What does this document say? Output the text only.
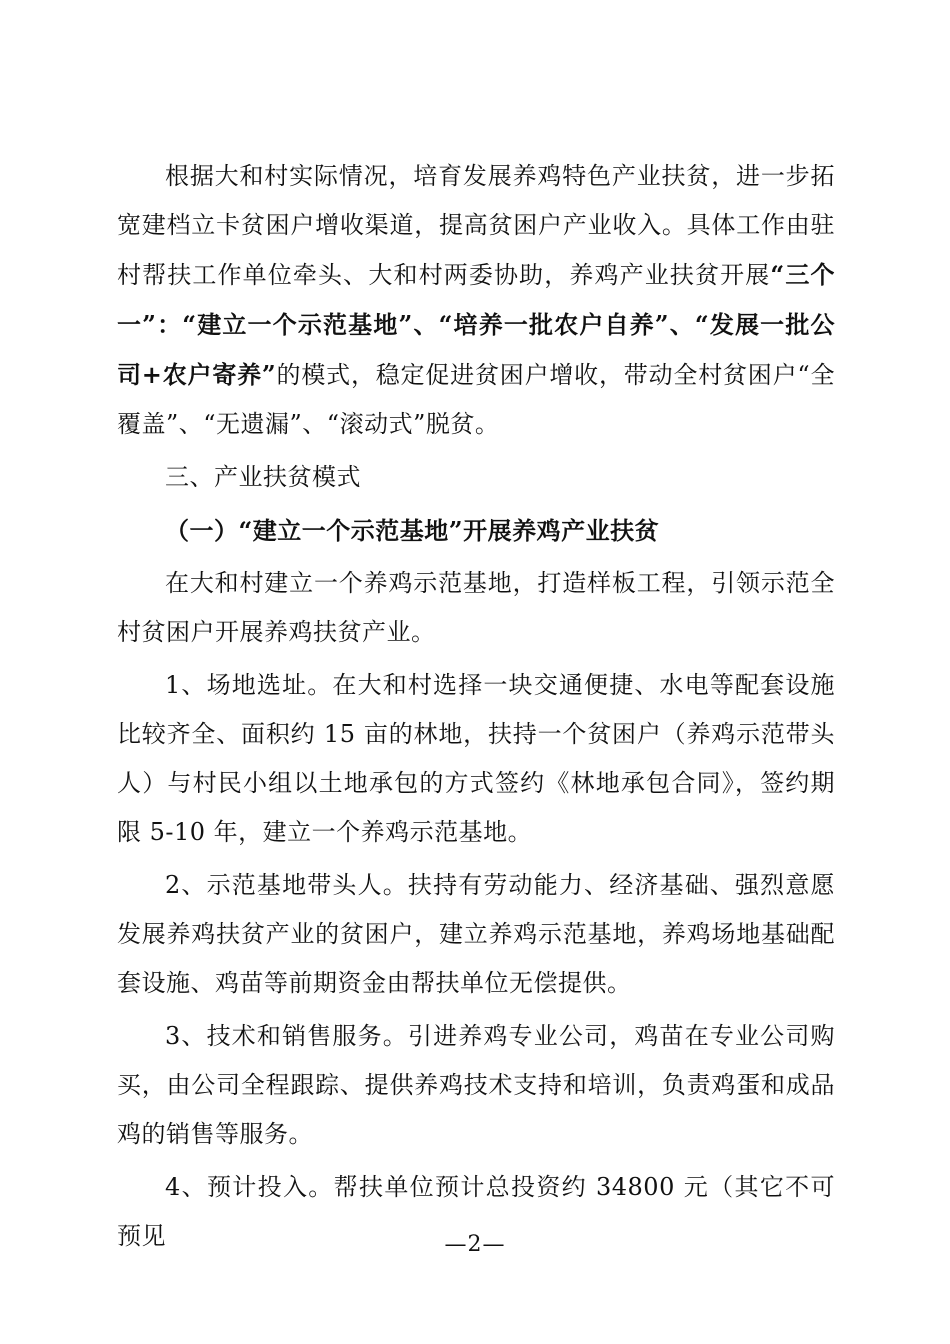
根据大和村实际情况，培育发展养鸡特色产业扶贫，进一步拓宽建档立卡贫困户增收渠道，提高贫困户产业收入。具体工作由驻村帮扶工作单位牵头、大和村两委协助，养鸡产业扶贫开展“三个一”：“建立一个示范基地”、“培养一批农户自养”、“发展一批公司+农户寄养”的模式，稳定促进贫困户增收，带动全村贫困户“全覆盖”、“无遗漏”、“滚动式”脱贫。

三、产业扶贫模式

（一）“建立一个示范基地”开展养鸡产业扶贫

在大和村建立一个养鸡示范基地，打造样板工程，引领示范全村贫困户开展养鸡扶贫产业。

1、场地选址。在大和村选择一块交通便捷、水电等配套设施比较齐全、面积约 15 亩的林地，扶持一个贫困户（养鸡示范带头人）与村民小组以土地承包的方式签约《林地承包合同》，签约期限 5-10 年，建立一个养鸡示范基地。

2、示范基地带头人。扶持有劳动能力、经济基础、强烈意愿发展养鸡扶贫产业的贫困户，建立养鸡示范基地，养鸡场地基础配套设施、鸡苗等前期资金由帮扶单位无偿提供。

3、技术和销售服务。引进养鸡专业公司，鸡苗在专业公司购买，由公司全程跟踪、提供养鸡技术支持和培训，负责鸡蛋和成品鸡的销售等服务。

4、预计投入。帮扶单位预计总投资约 34800 元（其它不可预见	—2—
